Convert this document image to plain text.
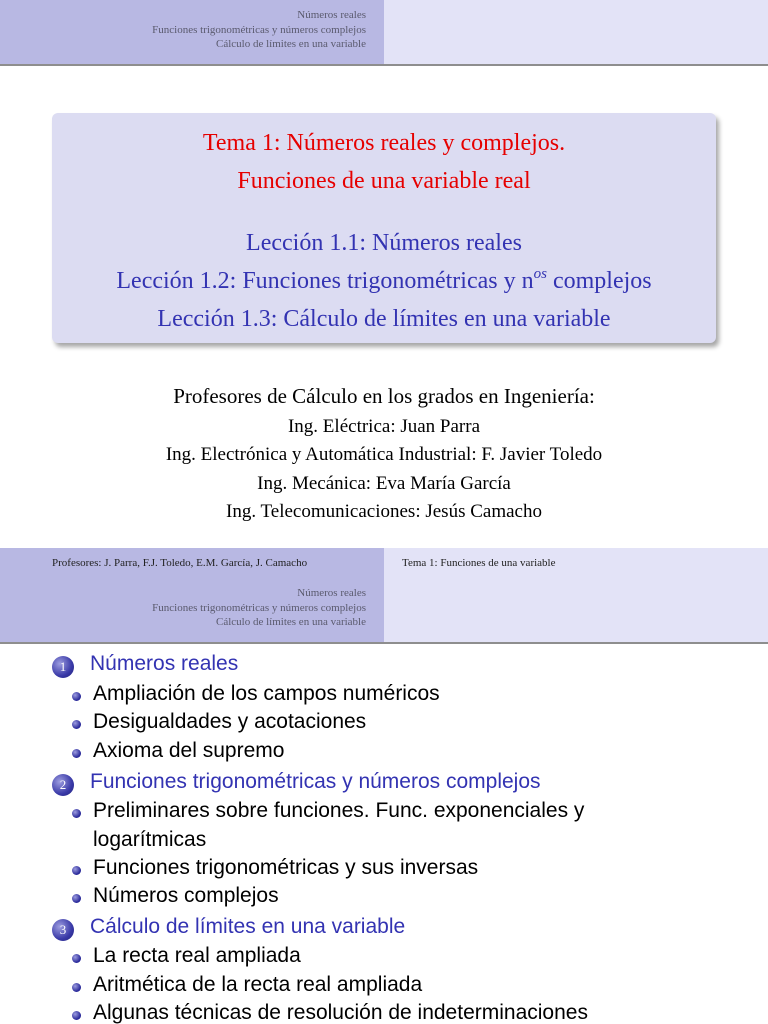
Números reales
Funciones trigonométricas y números complejos
Cálculo de límites en una variable
Tema 1: Números reales y complejos.
Funciones de una variable real
Lección 1.1: Números reales
Lección 1.2: Funciones trigonométricas y $n^{os}$ complejos
Lección 1.3: Cálculo de límites en una variable
Profesores de Cálculo en los grados en Ingeniería:
Ing. Eléctrica: Juan Parra
Ing. Electrónica y Automática Industrial: F. Javier Toledo
Ing. Mecánica: Eva María García
Ing. Telecomunicaciones: Jesús Camacho
Profesores: J. Parra, F.J. Toledo, E.M. García, J. Camacho	Tema 1: Funciones de una variable
Números reales
Funciones trigonométricas y números complejos
Cálculo de límites en una variable
1	Números reales
Ampliación de los campos numéricos
Desigualdades y acotaciones
Axioma del supremo
2	Funciones trigonométricas y números complejos
Preliminares sobre funciones. Func. exponenciales y
logarítmicas
Funciones trigonométricas y sus inversas
Números complejos
3	Cálculo de límites en una variable
La recta real ampliada
Aritmética de la recta real ampliada
Algunas técnicas de resolución de indeterminaciones
